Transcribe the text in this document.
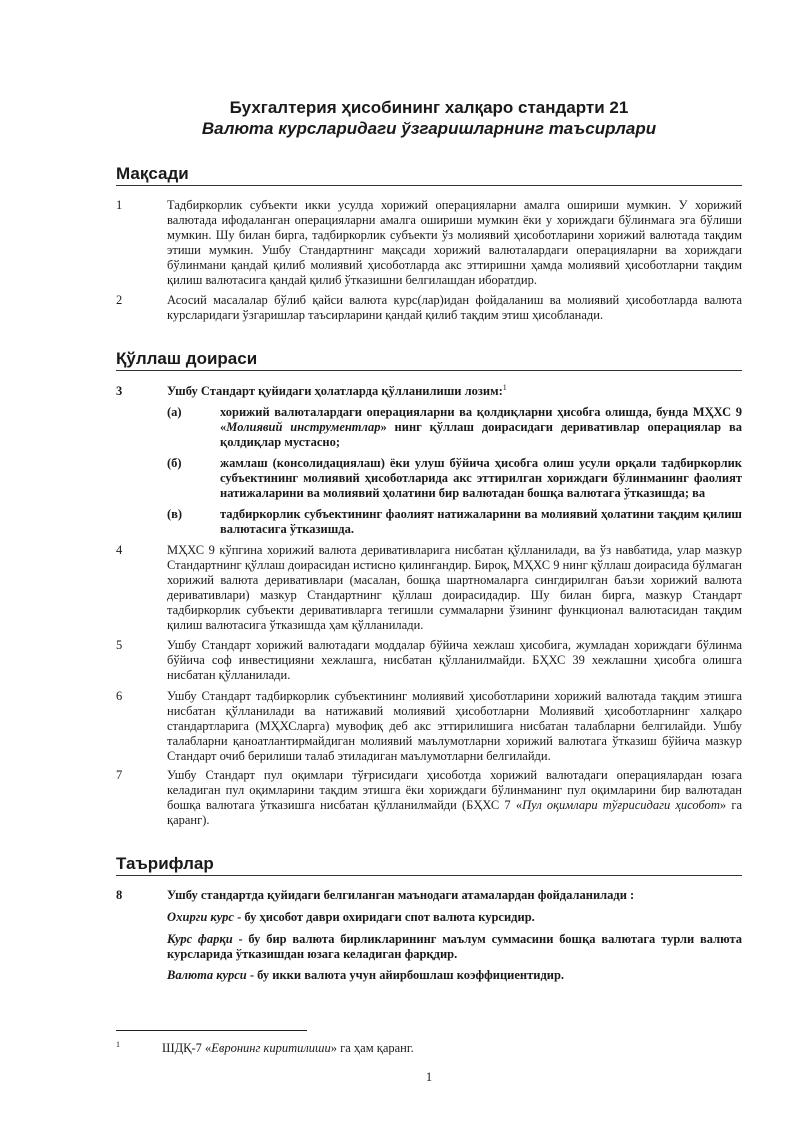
Бухгалтерия ҳисобининг халқаро стандарти 21
Валюта курсларидаги ўзгаришларнинг таъсирлари
Мақсади
1	Тадбиркорлик субъекти икки усулда хорижий операцияларни амалга ошириши мумкин. У хорижий валютада ифодаланган операцияларни амалга ошириши мумкин ёки у хориждаги бўлинмага эга бўлиши мумкин. Шу билан бирга, тадбиркорлик субъекти ўз молиявий ҳисоботларини хорижий валютада тақдим этиши мумкин. Ушбу Стандартнинг мақсади хорижий валюталардаги операцияларни ва хориждаги бўлинмани қандай қилиб молиявий ҳисоботларда акс эттиришни ҳамда молиявий ҳисоботларни тақдим қилиш валютасига қандай қилиб ўтказишни белгилашдан иборатдир.
2	Асосий масалалар бўлиб қайси валюта курс(лар)идан фойдаланиш ва молиявий ҳисоботларда валюта курсларидаги ўзгаришлар таъсирларини қандай қилиб тақдим этиш ҳисобланади.
Қўллаш доираси
3	Ушбу Стандарт қуйидаги ҳолатларда қўлланилиши лозим:$^1$
(а)	хорижий валюталардаги операцияларни ва қолдиқларни ҳисобга олишда, бунда МҲХС 9 «Молиявий инструментлар» нинг қўллаш доирасидаги деривативлар операциялар ва қолдиқлар мустасно;
(б)	жамлаш (консолидациялаш) ёки улуш бўйича ҳисобга олиш усули орқали тадбиркорлик субъектининг молиявий ҳисоботларида акс эттирилган хориждаги бўлинманинг фаолият натижаларини ва молиявий ҳолатини бир валютадан бошқа валютага ўтказишда; ва
(в)	тадбиркорлик субъектининг фаолият натижаларини ва молиявий ҳолатини тақдим қилиш валютасига ўтказишда.
4	МҲХС 9 кўпгина хорижий валюта деривативларига нисбатан қўлланилади, ва ўз навбатида, улар мазкур Стандартнинг қўллаш доирасидан истисно қилингандир. Бироқ, МҲХС 9 нинг қўллаш доирасида бўлмаган хорижий валюта деривативлари (масалан, бошқа шартномаларга сингдирилган баъзи хорижий валюта деривативлари) мазкур Стандартнинг қўллаш доирасидадир. Шу билан бирга, мазкур Стандарт тадбиркорлик субъекти деривативларга тегишли суммаларни ўзининг функционал валютасидан тақдим қилиш валютасига ўтказишда ҳам қўлланилади.
5	Ушбу Стандарт хорижий валютадаги моддалар бўйича хежлаш ҳисобига, жумладан хориждаги бўлинма бўйича соф инвестицияни хежлашга, нисбатан қўлланилмайди. БҲХС 39 хежлашни ҳисобга олишга нисбатан қўлланилади.
6	Ушбу Стандарт тадбиркорлик субъектининг молиявий ҳисоботларини хорижий валютада тақдим этишга нисбатан қўлланилади ва натижавий молиявий ҳисоботларни Молиявий ҳисоботларнинг халқаро стандартларига (МҲХСларга) мувофиқ деб акс эттирилишига нисбатан талабларни белгилайди. Ушбу талабларни қаноатлантирмайдиган молиявий маълумотларни хорижий валютага ўтказиш бўйича мазкур Стандарт очиб берилиши талаб этиладиган маълумотларни белгилайди.
7	Ушбу Стандарт пул оқимлари тўғрисидаги ҳисоботда хорижий валютадаги операциялардан юзага келадиган пул оқимларини тақдим этишга ёки хориждаги бўлинманинг пул оқимларини бир валютадан бошқа валютага ўтказишга нисбатан қўлланилмайди (БҲХС 7 «Пул оқимлари тўғрисидаги ҳисобот» га қаранг).
Таърифлар
8	Ушбу стандартда қуйидаги белгиланган маънодаги атамалардан фойдаланилади :
Охирги курс - бу ҳисобот даври охиридаги спот валюта курсидир.
Курс фарқи - бу бир валюта бирликларининг маълум суммасини бошқа валютага турли валюта курсларида ўтказишдан юзага келадиган фарқдир.
Валюта курси - бу икки валюта учун айирбошлаш коэффициентидир.
1	ШДҚ-7 «Евронинг киритилиши» га ҳам қаранг.
1
